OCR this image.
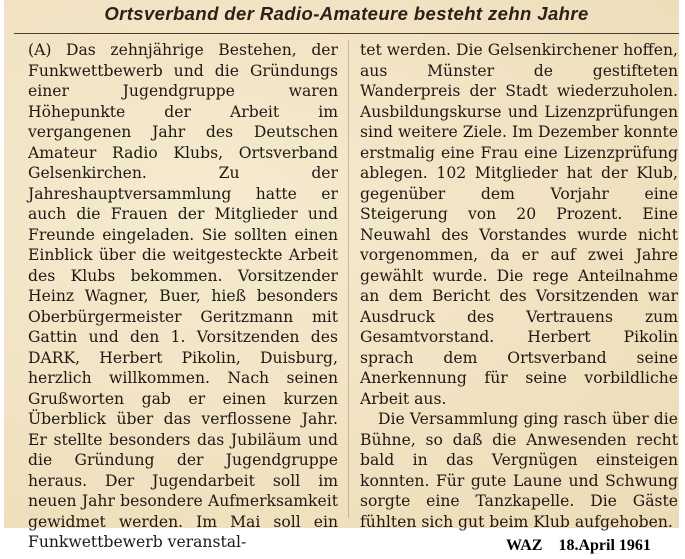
Ortsverband der Radio-Amateure besteht zehn Jahre

(A) Das zehnjährige Bestehen, der Funkwettbewerb und die Gründungs einer Jugendgruppe waren Höhepunkte der Arbeit im vergangenen Jahr des Deutschen Amateur Radio Klubs, Ortsverband Gelsenkirchen. Zu der Jahreshauptversammlung hatte er auch die Frauen der Mitglieder und Freunde eingeladen. Sie sollten einen Einblick über die weitgesteckte Arbeit des Klubs bekommen. Vorsitzender Heinz Wagner, Buer, hieß besonders Oberbürgermeister Geritzmann mit Gattin und den 1. Vorsitzenden des DARK, Herbert Pikolin, Duisburg, herzlich willkommen. Nach seinen Grußworten gab er einen kurzen Überblick über das verflossene Jahr. Er stellte besonders das Jubiläum und die Gründung der Jugendgruppe heraus. Der Jugendarbeit soll im neuen Jahr besondere Aufmerksamkeit gewidmet werden. Im Mai soll ein Funkwettbewerb veranstal-

tet werden. Die Gelsenkirchener hoffen, aus Münster de gestifteten Wanderpreis der Stadt wiederzuholen. Ausbildungskurse und Lizenzprüfungen sind weitere Ziele. Im Dezember konnte erstmalig eine Frau eine Lizenzprüfung ablegen. 102 Mitglieder hat der Klub, gegenüber dem Vorjahr eine Steigerung von 20 Prozent. Eine Neuwahl des Vorstandes wurde nicht vorgenommen, da er auf zwei Jahre gewählt wurde. Die rege Anteilnahme an dem Bericht des Vorsitzenden war Ausdruck des Vertrauens zum Gesamtvorstand. Herbert Pikolin sprach dem Ortsverband seine Anerkennung für seine vorbildliche Arbeit aus.

Die Versammlung ging rasch über die Bühne, so daß die Anwesenden recht bald in das Vergnügen einsteigen konnten. Für gute Laune und Schwung sorgte eine Tanzkapelle. Die Gäste fühlten sich gut beim Klub aufgehoben.

WAZ 18.April 1961
